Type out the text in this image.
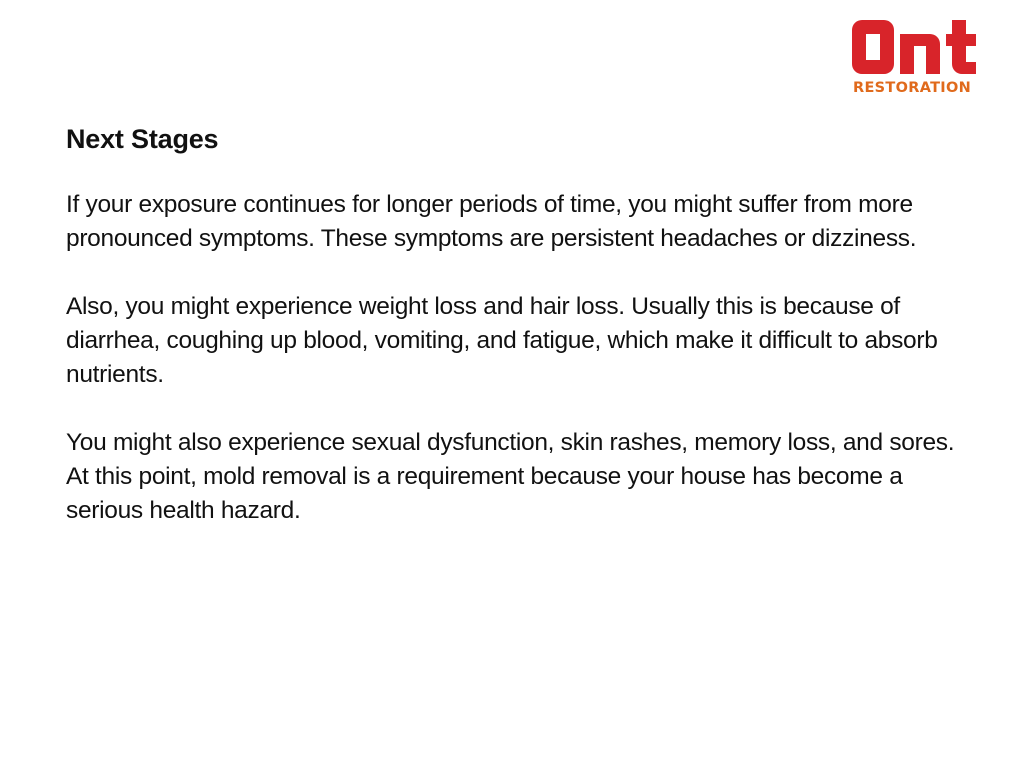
RESTORATION
Next Stages

If your exposure continues for longer periods of time, you might suffer from more pronounced symptoms. These symptoms are persistent headaches or dizziness.

Also, you might experience weight loss and hair loss. Usually this is because of diarrhea, coughing up blood, vomiting, and fatigue, which make it difficult to absorb nutrients.

You might also experience sexual dysfunction, skin rashes, memory loss, and sores. At this point, mold removal is a requirement because your house has become a serious health hazard.
